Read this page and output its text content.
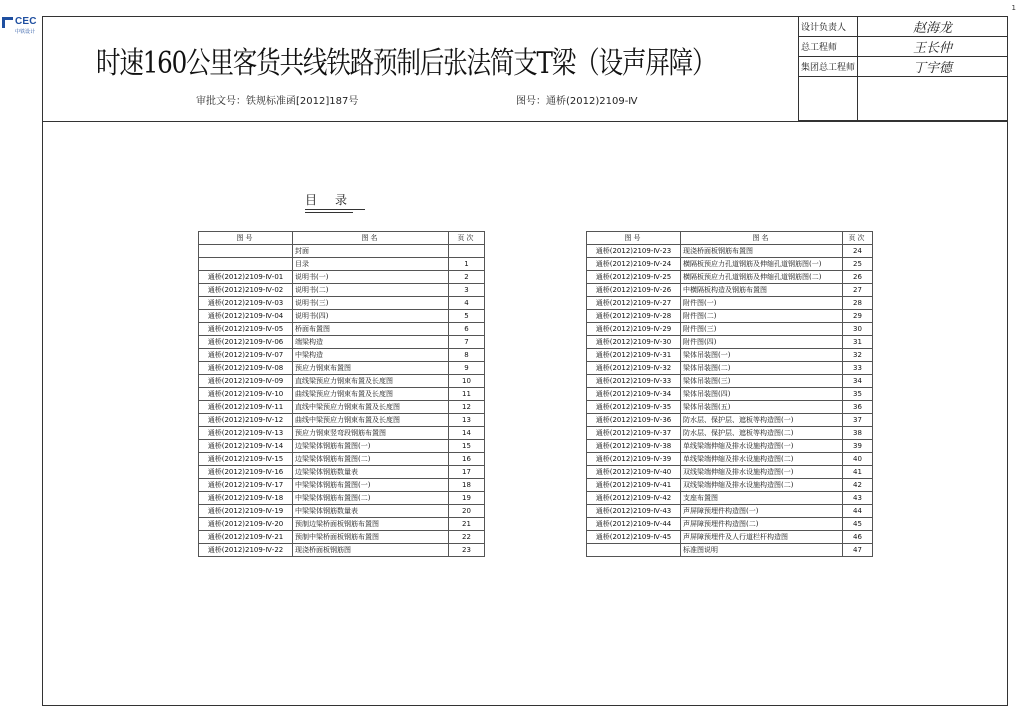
CEC
中铁设计
1
时速160公里客货共线铁路预制后张法简支T梁（设声屏障）
审批文号：铁规标准函[2012]187号	图号：通桥(2012)2109-Ⅳ
设计负责人	赵海龙
总工程师	王长仲
集团总工程师	丁宇德

目录
图号	图名	页次
	封面	
	目录	1
通桥(2012)2109-Ⅳ-01	说明书(一)	2
通桥(2012)2109-Ⅳ-02	说明书(二)	3
通桥(2012)2109-Ⅳ-03	说明书(三)	4
通桥(2012)2109-Ⅳ-04	说明书(四)	5
通桥(2012)2109-Ⅳ-05	桥面布置图	6
通桥(2012)2109-Ⅳ-06	端梁构造	7
通桥(2012)2109-Ⅳ-07	中梁构造	8
通桥(2012)2109-Ⅳ-08	预应力钢束布置图	9
通桥(2012)2109-Ⅳ-09	直线梁预应力钢束布置及长度图	10
通桥(2012)2109-Ⅳ-10	曲线梁预应力钢束布置及长度图	11
通桥(2012)2109-Ⅳ-11	直线中梁预应力钢束布置及长度图	12
通桥(2012)2109-Ⅳ-12	曲线中梁预应力钢束布置及长度图	13
通桥(2012)2109-Ⅳ-13	预应力钢束竖弯段钢筋布置图	14
通桥(2012)2109-Ⅳ-14	边梁梁体钢筋布置图(一)	15
通桥(2012)2109-Ⅳ-15	边梁梁体钢筋布置图(二)	16
通桥(2012)2109-Ⅳ-16	边梁梁体钢筋数量表	17
通桥(2012)2109-Ⅳ-17	中梁梁体钢筋布置图(一)	18
通桥(2012)2109-Ⅳ-18	中梁梁体钢筋布置图(二)	19
通桥(2012)2109-Ⅳ-19	中梁梁体钢筋数量表	20
通桥(2012)2109-Ⅳ-20	预制边梁桥面板钢筋布置图	21
通桥(2012)2109-Ⅳ-21	预制中梁桥面板钢筋布置图	22
通桥(2012)2109-Ⅳ-22	现浇桥面板钢筋图	23
图号	图名	页次
通桥(2012)2109-Ⅳ-23	现浇桥面板钢筋布置图	24
通桥(2012)2109-Ⅳ-24	横隔板预应力孔道钢筋及伸缩孔道钢筋图(一)	25
通桥(2012)2109-Ⅳ-25	横隔板预应力孔道钢筋及伸缩孔道钢筋图(二)	26
通桥(2012)2109-Ⅳ-26	中横隔板构造及钢筋布置图	27
通桥(2012)2109-Ⅳ-27	附件图(一)	28
通桥(2012)2109-Ⅳ-28	附件图(二)	29
通桥(2012)2109-Ⅳ-29	附件图(三)	30
通桥(2012)2109-Ⅳ-30	附件图(四)	31
通桥(2012)2109-Ⅳ-31	梁体吊装图(一)	32
通桥(2012)2109-Ⅳ-32	梁体吊装图(二)	33
通桥(2012)2109-Ⅳ-33	梁体吊装图(三)	34
通桥(2012)2109-Ⅳ-34	梁体吊装图(四)	35
通桥(2012)2109-Ⅳ-35	梁体吊装图(五)	36
通桥(2012)2109-Ⅳ-36	防水层、保护层、遮板等构造图(一)	37
通桥(2012)2109-Ⅳ-37	防水层、保护层、遮板等构造图(二)	38
通桥(2012)2109-Ⅳ-38	单线梁端伸缩及排水设施构造图(一)	39
通桥(2012)2109-Ⅳ-39	单线梁端伸缩及排水设施构造图(二)	40
通桥(2012)2109-Ⅳ-40	双线梁端伸缩及排水设施构造图(一)	41
通桥(2012)2109-Ⅳ-41	双线梁端伸缩及排水设施构造图(二)	42
通桥(2012)2109-Ⅳ-42	支座布置图	43
通桥(2012)2109-Ⅳ-43	声屏障预埋件构造图(一)	44
通桥(2012)2109-Ⅳ-44	声屏障预埋件构造图(二)	45
通桥(2012)2109-Ⅳ-45	声屏障预埋件及人行道栏杆构造图	46
	标准图说明	47
